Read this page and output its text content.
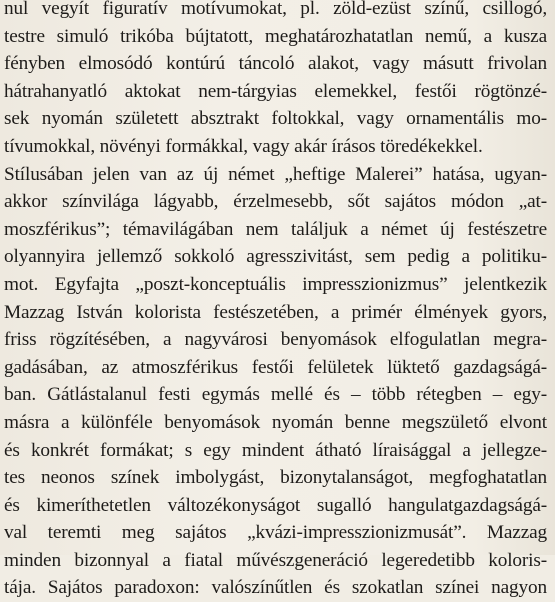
nul vegyít figuratív motívumokat, pl. zöld-ezüst színű, csillogó,
testre simuló trikóba bújtatott, meghatározhatatlan nemű, a kusza
fényben elmosódó kontúrú táncoló alakot, vagy másutt frivolan
hátrahanyatló aktokat nem-tárgyias elemekkel, festői rögtönzé-
sek nyomán született absztrakt foltokkal, vagy ornamentális mo-
tívumokkal, növényi formákkal, vagy akár írásos töredékekkel.
Stílusában jelen van az új német „heftige Malerei” hatása, ugyan-
akkor színvilága lágyabb, érzelmesebb, sőt sajátos módon „at-
moszférikus”; témavilágában nem találjuk a német új festészetre
olyannyira jellemző sokkoló agresszivitást, sem pedig a politiku-
mot. Egyfajta „poszt-konceptuális impresszionizmus” jelentkezik
Mazzag István kolorista festészetében, a primér élmények gyors,
friss rögzítésében, a nagyvárosi benyomások elfogulatlan megra-
gadásában, az atmoszférikus festői felületek lüktető gazdagságá-
ban. Gátlástalanul festi egymás mellé és – több rétegben – egy-
másra a különféle benyomások nyomán benne megszülető elvont
és konkrét formákat; s egy mindent átható líraisággal a jellegze-
tes neonos színek imbolygást, bizonytalanságot, megfoghatatlan
és kimeríthetetlen változékonyságot sugalló hangulatgazdagságá-
val teremti meg sajátos „kvázi-impresszionizmusát”. Mazzag
minden bizonnyal a fiatal művészgeneráció legeredetibb koloris-
tája. Sajátos paradoxon: valószínűtlen és szokatlan színei nagyon
